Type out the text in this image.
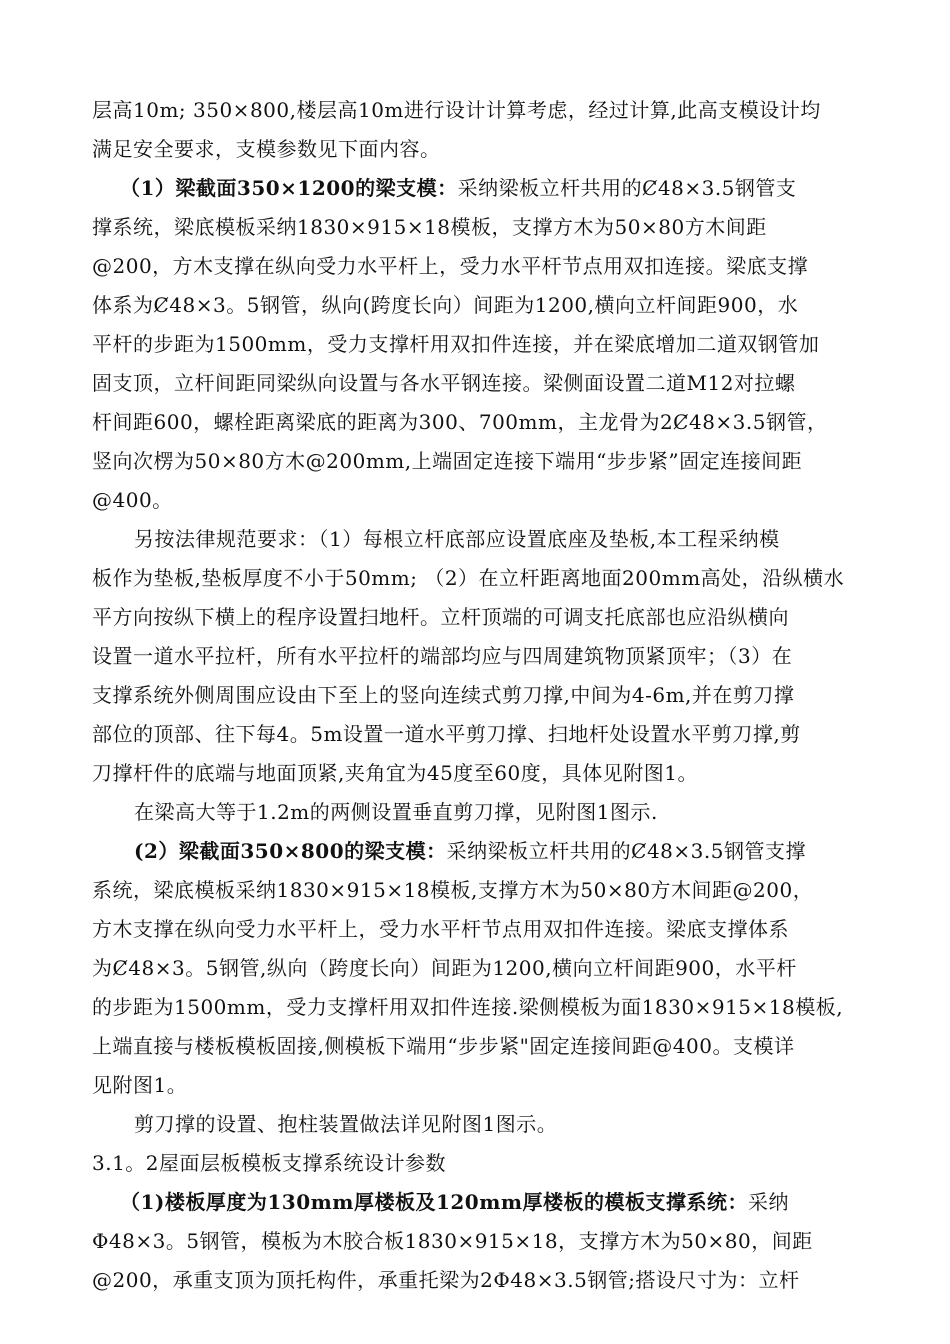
层高10m; 350×800,楼层高10m进行设计计算考虑，经过计算,此高支模设计均

满足安全要求，支模参数见下面内容。

（1）梁截面350×1200的梁支模：采纳梁板立杆共用的Ȼ48×3.5钢管支

撑系统，梁底模板采纳1830×915×18模板，支撑方木为50×80方木间距

@200，方木支撑在纵向受力水平杆上，受力水平杆节点用双扣连接。梁底支撑

体系为Ȼ48×3。5钢管，纵向(跨度长向）间距为1200,横向立杆间距900，水

平杆的步距为1500mm，受力支撑杆用双扣件连接，并在梁底增加二道双钢管加

固支顶，立杆间距同梁纵向设置与各水平钢连接。梁侧面设置二道M12对拉螺

杆间距600，螺栓距离梁底的距离为300、700mm，主龙骨为2Ȼ48×3.5钢管，

竖向次楞为50×80方木@200mm,上端固定连接下端用“步步紧”固定连接间距

@400。

另按法律规范要求：（1）每根立杆底部应设置底座及垫板,本工程采纳模

板作为垫板,垫板厚度不小于50mm; （2）在立杆距离地面200mm高处，沿纵横水

平方向按纵下横上的程序设置扫地杆。立杆顶端的可调支托底部也应沿纵横向

设置一道水平拉杆，所有水平拉杆的端部均应与四周建筑物顶紧顶牢；（3）在

支撑系统外侧周围应设由下至上的竖向连续式剪刀撑,中间为4-6m,并在剪刀撑

部位的顶部、往下每4。5m设置一道水平剪刀撑、扫地杆处设置水平剪刀撑,剪

刀撑杆件的底端与地面顶紧,夹角宜为45度至60度，具体见附图1。

在梁高大等于1.2m的两侧设置垂直剪刀撑，见附图1图示.

(2）梁截面350×800的梁支模：采纳梁板立杆共用的Ȼ48×3.5钢管支撑

系统，梁底模板采纳1830×915×18模板,支撑方木为50×80方木间距@200，

方木支撑在纵向受力水平杆上，受力水平杆节点用双扣件连接。梁底支撑体系

为Ȼ48×3。5钢管,纵向（跨度长向）间距为1200,横向立杆间距900，水平杆

的步距为1500mm，受力支撑杆用双扣件连接.梁侧模板为面1830×915×18模板,

上端直接与楼板模板固接,侧模板下端用“步步紧"固定连接间距@400。支模详

见附图1。

剪刀撑的设置、抱柱装置做法详见附图1图示。

3.1。2屋面层板模板支撑系统设计参数

（1)楼板厚度为130mm厚楼板及120mm厚楼板的模板支撑系统：采纳

Φ48×3。5钢管，模板为木胶合板1830×915×18，支撑方木为50×80，间距

@200，承重支顶为顶托构件，承重托梁为2Φ48×3.5钢管;搭设尺寸为：立杆
